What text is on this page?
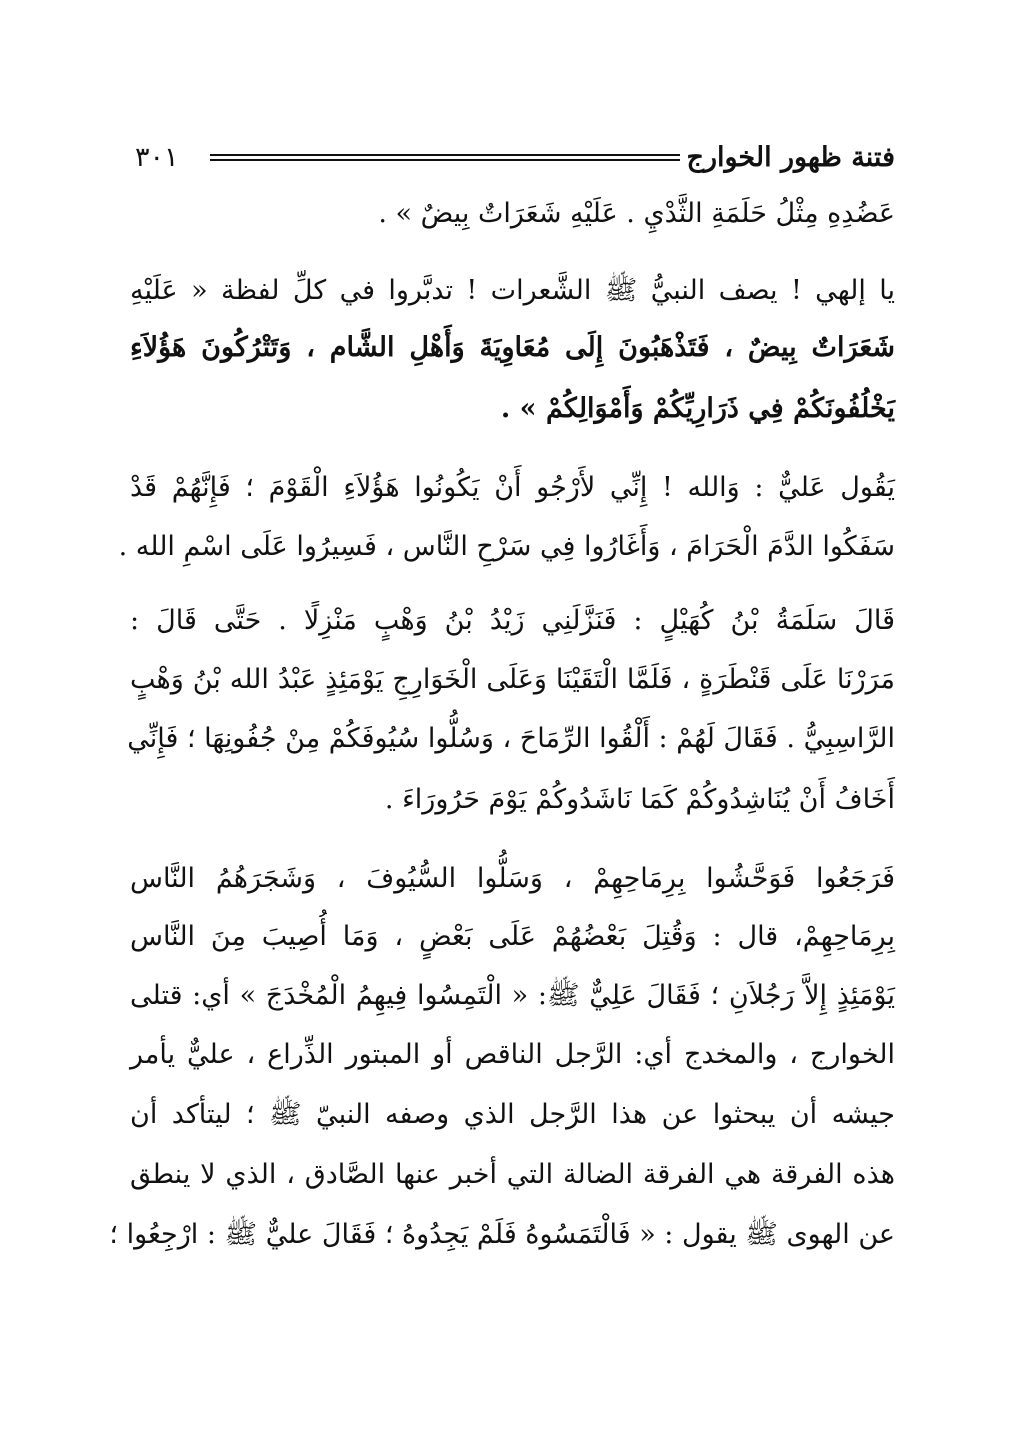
فتنة ظهور الخوارج
٣٠١
عَضُدِهِ مِثْلُ حَلَمَةِ الثَّدْيِ . عَلَيْهِ شَعَرَاتٌ بِيضٌ » .
يا إلهي ! يصف النبيُّ ﷺ الشَّعرات ! تدبَّروا في كلِّ لفظة « عَلَيْهِ
شَعَرَاتٌ بِيضٌ ، فَتَذْهَبُونَ إِلَى مُعَاوِيَةَ وَأَهْلِ الشَّام ، وَتَتْرُكُونَ هَؤُلاَءِ
يَخْلُفُونَكُمْ فِي ذَرَارِيِّكُمْ وَأَمْوَالِكُمْ » .
يَقُول عَليٌّ : وَالله ! إِنِّي لأَرْجُو أَنْ يَكُونُوا هَؤُلاَءِ الْقَوْمَ ؛ فَإِنَّهُمْ قَدْ
سَفَكُوا الدَّمَ الْحَرَامَ ، وَأَغَارُوا فِي سَرْحِ النَّاس ، فَسِيرُوا عَلَى اسْمِ الله .
قَالَ سَلَمَةُ بْنُ كُهَيْلٍ : فَنَزَّلَنِي زَيْدُ بْنُ وَهْبٍ مَنْزِلًا . حَتَّى قَالَ :
مَرَرْنَا عَلَى قَنْطَرَةٍ ، فَلَمَّا الْتَقَيْنَا وَعَلَى الْخَوَارِجِ يَوْمَئِذٍ عَبْدُ الله بْنُ وَهْبٍ
الرَّاسِبِيُّ . فَقَالَ لَهُمْ : أَلْقُوا الرِّمَاحَ ، وَسُلُّوا سُيُوفَكُمْ مِنْ جُفُونِهَا ؛ فَإِنِّي
أَخَافُ أَنْ يُنَاشِدُوكُمْ كَمَا نَاشَدُوكُمْ يَوْمَ حَرُورَاءَ .
فَرَجَعُوا فَوَحَّشُوا بِرِمَاحِهِمْ ، وَسَلُّوا السُّيُوفَ ، وَشَجَرَهُمُ النَّاس
بِرِمَاحِهِمْ، قال : وَقُتِلَ بَعْضُهُمْ عَلَى بَعْضٍ ، وَمَا أُصِيبَ مِنَ النَّاس
يَوْمَئِذٍ إِلاَّ رَجُلاَنِ ؛ فَقَالَ عَلِيٌّ ﷺ: « الْتَمِسُوا فِيهِمُ الْمُخْدَجَ » أي: قتلى
الخوارج ، والمخدج أي: الرَّجل الناقص أو المبتور الذِّراع ، عليٌّ يأمر
جيشه أن يبحثوا عن هذا الرَّجل الذي وصفه النبيّ ﷺ ؛ ليتأكد أن
هذه الفرقة هي الفرقة الضالة التي أخبر عنها الصَّادق ، الذي لا ينطق
عن الهوى ﷺ يقول : « فَالْتَمَسُوهُ فَلَمْ يَجِدُوهُ ؛ فَقَالَ عليٌّ ﷺ : ارْجِعُوا ؛
